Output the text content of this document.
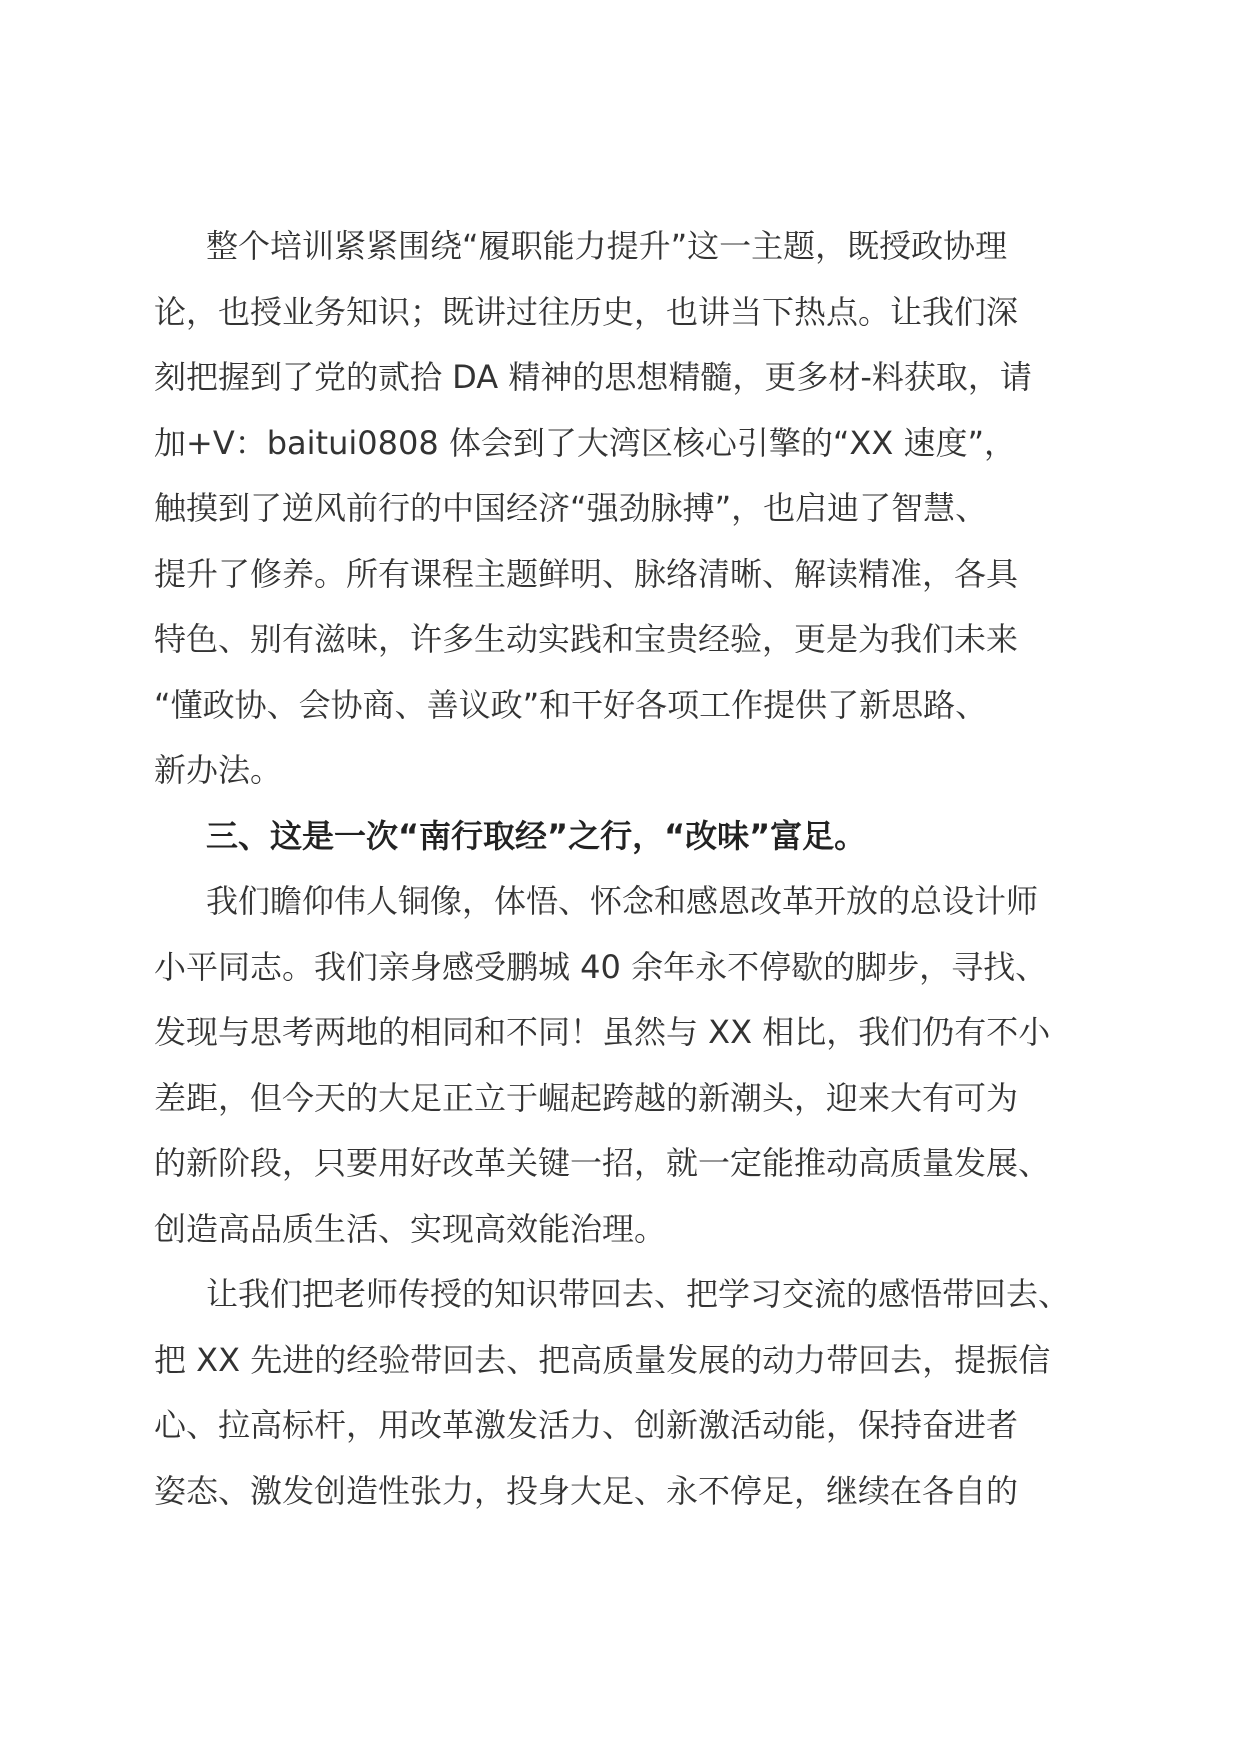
整个培训紧紧围绕“履职能力提升”这一主题，既授政协理
论，也授业务知识；既讲过往历史，也讲当下热点。让我们深
刻把握到了党的贰拾 DA 精神的思想精髓，更多材-料获取，请
加+V：baitui0808 体会到了大湾区核心引擎的“XX 速度”，
触摸到了逆风前行的中国经济“强劲脉搏”，也启迪了智慧、
提升了修养。所有课程主题鲜明、脉络清晰、解读精准，各具
特色、别有滋味，许多生动实践和宝贵经验，更是为我们未来
“懂政协、会协商、善议政”和干好各项工作提供了新思路、
新办法。
三、这是一次“南行取经”之行，“改味”富足。
我们瞻仰伟人铜像，体悟、怀念和感恩改革开放的总设计师
小平同志。我们亲身感受鹏城 40 余年永不停歇的脚步，寻找、
发现与思考两地的相同和不同！虽然与 XX 相比，我们仍有不小
差距，但今天的大足正立于崛起跨越的新潮头，迎来大有可为
的新阶段，只要用好改革关键一招，就一定能推动高质量发展、
创造高品质生活、实现高效能治理。
让我们把老师传授的知识带回去、把学习交流的感悟带回去、
把 XX 先进的经验带回去、把高质量发展的动力带回去，提振信
心、拉高标杆，用改革激发活力、创新激活动能，保持奋进者
姿态、激发创造性张力，投身大足、永不停足，继续在各自的
